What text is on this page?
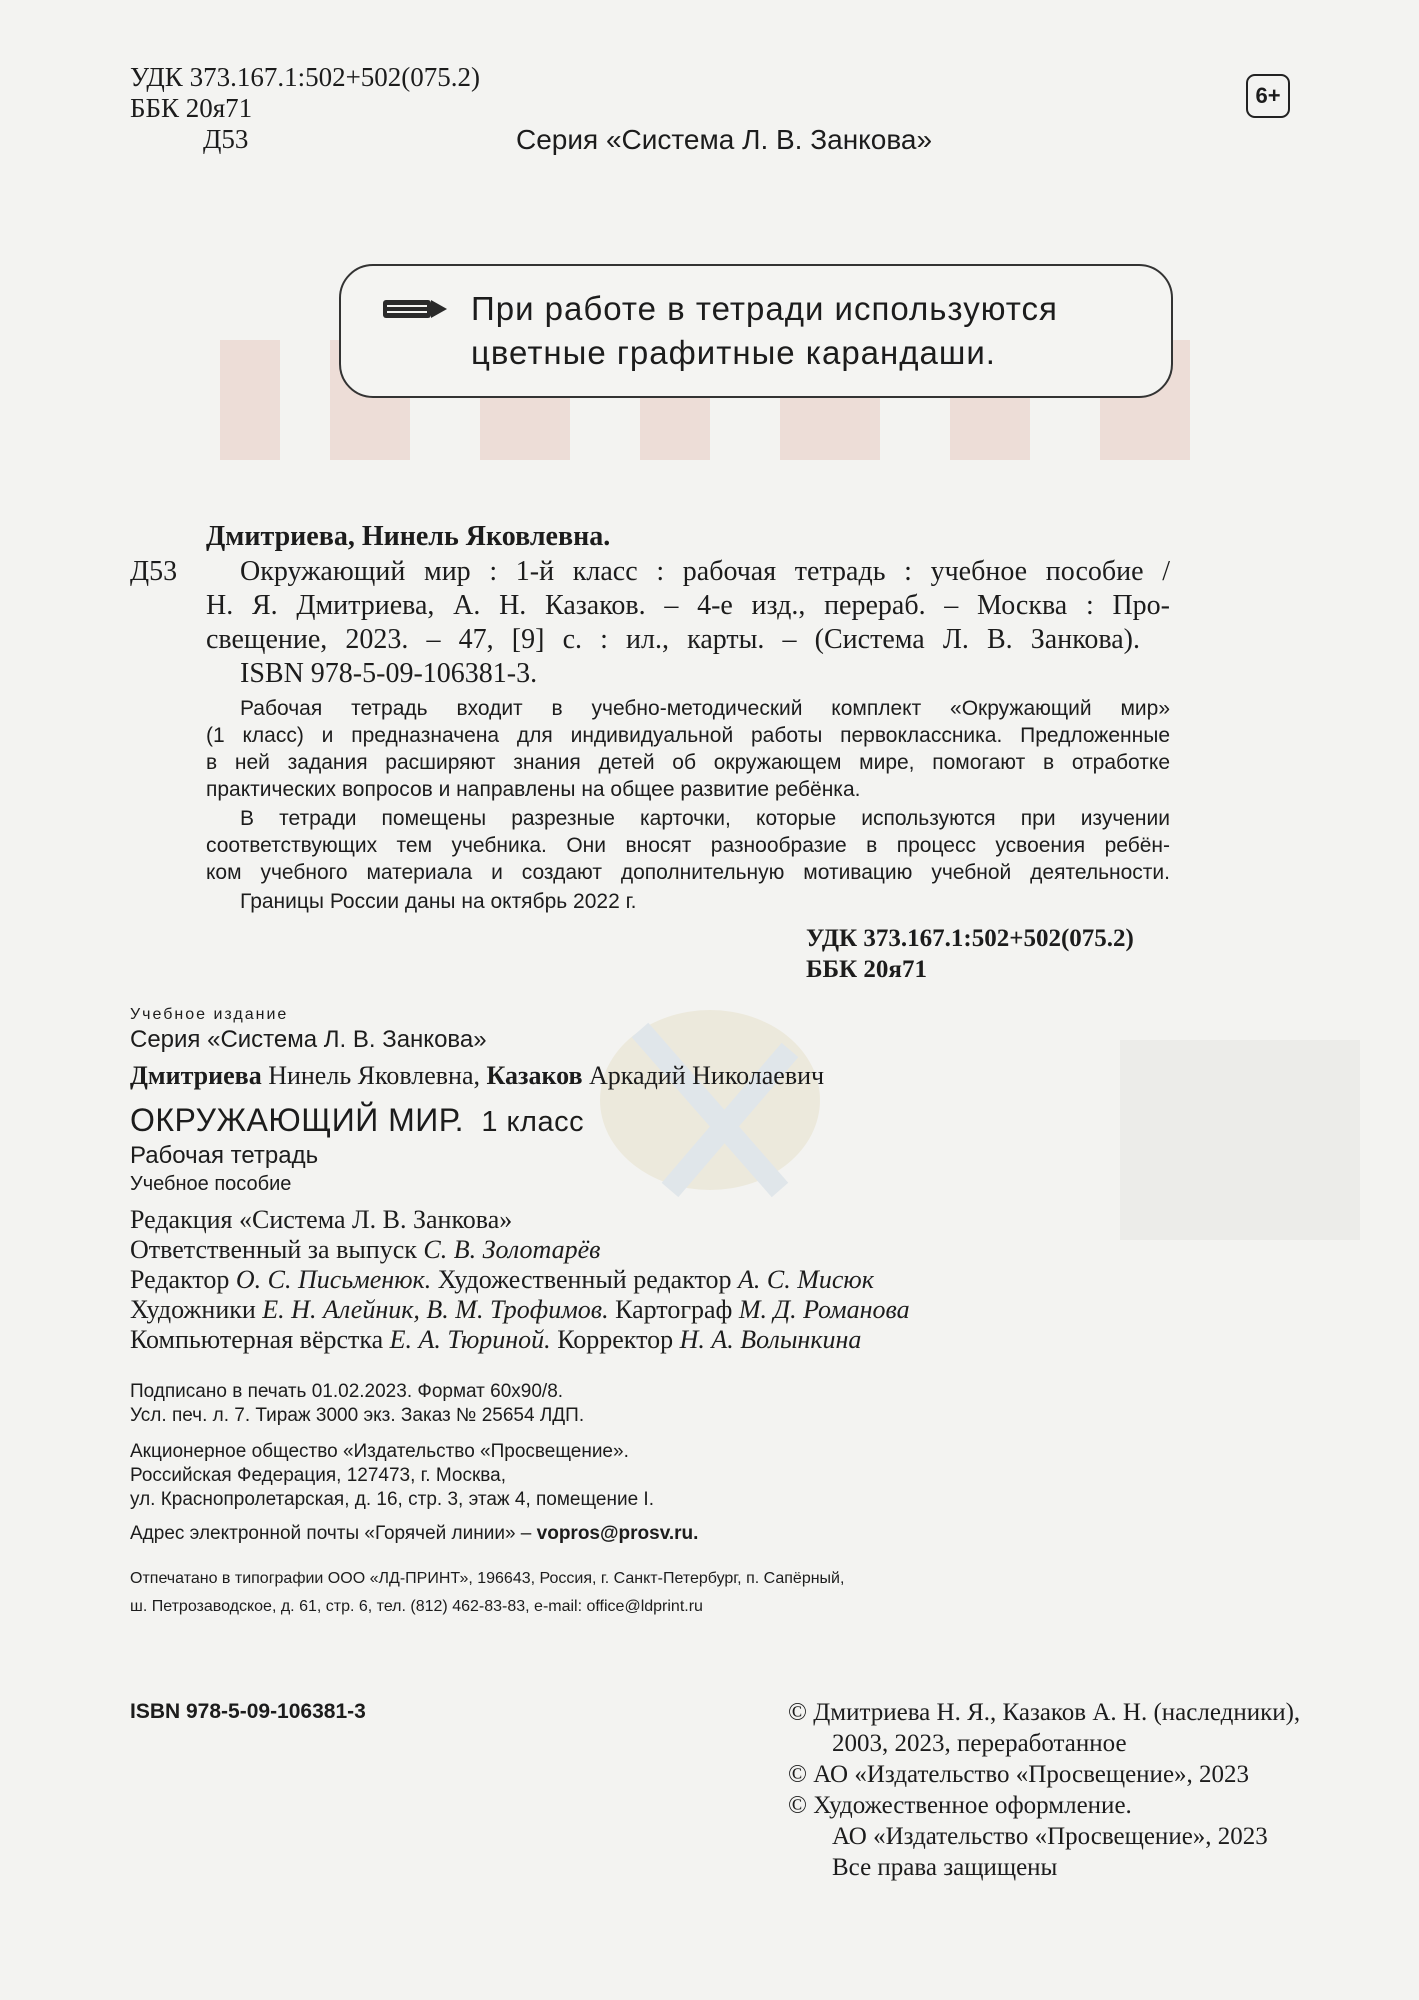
УДК 373.167.1:502+502(075.2)
ББК 20я71
Д53	Серия «Система Л. В. Занкова»
6+
При работе в тетради используются
цветные графитные карандаши.
Дмитриева, Нинель Яковлевна.
Д53 Окружающий мир : 1-й класс : рабочая тетрадь : учебное пособие /
Н. Я. Дмитриева, А. Н. Казаков. – 4-е изд., перераб. – Москва : Про-
свещение, 2023. – 47, [9] с. : ил., карты. – (Система Л. В. Занкова).
ISBN 978-5-09-106381-3.
Рабочая тетрадь входит в учебно-методический комплект «Окружающий мир»
(1 класс) и предназначена для индивидуальной работы первоклассника. Предложенные
в ней задания расширяют знания детей об окружающем мире, помогают в отработке
практических вопросов и направлены на общее развитие ребёнка.
В тетради помещены разрезные карточки, которые используются при изучении
соответствующих тем учебника. Они вносят разнообразие в процесс усвоения ребён-
ком учебного материала и создают дополнительную мотивацию учебной деятельности.
Границы России даны на октябрь 2022 г.
УДК 373.167.1:502+502(075.2)
ББК 20я71
Учебное издание
Серия «Система Л. В. Занкова»
Дмитриева Нинель Яковлевна, Казаков Аркадий Николаевич
ОКРУЖАЮЩИЙ МИР. 1 класс
Рабочая тетрадь
Учебное пособие
Редакция «Система Л. В. Занкова»
Ответственный за выпуск С. В. Золотарёв
Редактор О. С. Письменюк. Художественный редактор А. С. Мисюк
Художники Е. Н. Алейник, В. М. Трофимов. Картограф М. Д. Романова
Компьютерная вёрстка Е. А. Тюриной. Корректор Н. А. Волынкина
Подписано в печать 01.02.2023. Формат 60x90/8.
Усл. печ. л. 7. Тираж 3000 экз. Заказ № 25654 ЛДП.
Акционерное общество «Издательство «Просвещение».
Российская Федерация, 127473, г. Москва,
ул. Краснопролетарская, д. 16, стр. 3, этаж 4, помещение I.
Адрес электронной почты «Горячей линии» – vopros@prosv.ru.
Отпечатано в типографии ООО «ЛД-ПРИНТ», 196643, Россия, г. Санкт-Петербург, п. Сапёрный,
ш. Петрозаводское, д. 61, стр. 6, тел. (812) 462-83-83, e-mail: office@ldprint.ru
ISBN 978-5-09-106381-3	© Дмитриева Н. Я., Казаков А. Н. (наследники),
2003, 2023, переработанное
© АО «Издательство «Просвещение», 2023
© Художественное оформление.
АО «Издательство «Просвещение», 2023
Все права защищены
